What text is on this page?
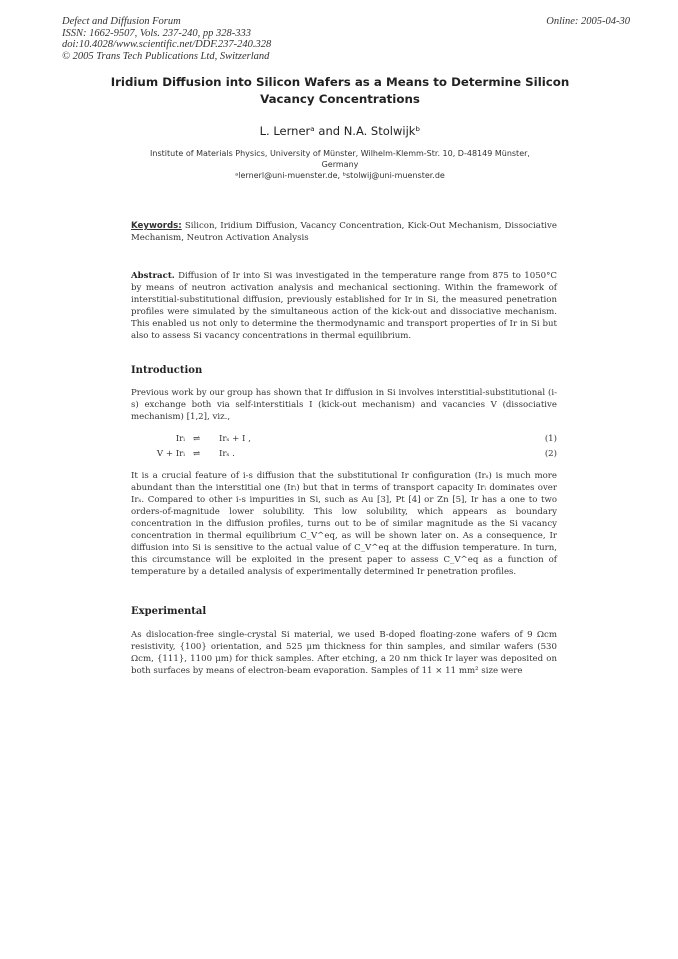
Defect and Diffusion Forum
ISSN: 1662-9507, Vols. 237-240, pp 328-333
doi:10.4028/www.scientific.net/DDF.237-240.328
© 2005 Trans Tech Publications Ltd, Switzerland
Online: 2005-04-30
Iridium Diffusion into Silicon Wafers as a Means to Determine Silicon Vacancy Concentrations
L. Lernerᵃ and N.A. Stolwijkᵇ
Institute of Materials Physics, University of Münster, Wilhelm-Klemm-Str. 10, D-48149 Münster,
Germany
ᵃlernerl@uni-muenster.de, ᵇstolwij@uni-muenster.de
Keywords: Silicon, Iridium Diffusion, Vacancy Concentration, Kick-Out Mechanism, Dissociative Mechanism, Neutron Activation Analysis
Abstract. Diffusion of Ir into Si was investigated in the temperature range from 875 to 1050°C by means of neutron activation analysis and mechanical sectioning. Within the framework of interstitial-substitutional diffusion, previously established for Ir in Si, the measured penetration profiles were simulated by the simultaneous action of the kick-out and dissociative mechanism. This enabled us not only to determine the thermodynamic and transport properties of Ir in Si but also to assess Si vacancy concentrations in thermal equilibrium.
Introduction
Previous work by our group has shown that Ir diffusion in Si involves interstitial-substitutional (i-s) exchange both via self-interstitials I (kick-out mechanism) and vacancies V (dissociative mechanism) [1,2], viz.,
Irᵢ ⇌ Irₛ + I ,	(1)
V + Irᵢ ⇌ Irₛ .	(2)
It is a crucial feature of i-s diffusion that the substitutional Ir configuration (Irₛ) is much more abundant than the interstitial one (Irᵢ) but that in terms of transport capacity Irᵢ dominates over Irₛ. Compared to other i-s impurities in Si, such as Au [3], Pt [4] or Zn [5], Ir has a one to two orders-of-magnitude lower solubility. This low solubility, which appears as boundary concentration in the diffusion profiles, turns out to be of similar magnitude as the Si vacancy concentration in thermal equilibrium C_V^eq, as will be shown later on. As a consequence, Ir diffusion into Si is sensitive to the actual value of C_V^eq at the diffusion temperature. In turn, this circumstance will be exploited in the present paper to assess C_V^eq as a function of temperature by a detailed analysis of experimentally determined Ir penetration profiles.
Experimental
As dislocation-free single-crystal Si material, we used B-doped floating-zone wafers of 9 Ωcm resistivity, {100} orientation, and 525 μm thickness for thin samples, and similar wafers (530 Ωcm, {111}, 1100 μm) for thick samples. After etching, a 20 nm thick Ir layer was deposited on both surfaces by means of electron-beam evaporation. Samples of 11 × 11 mm² size were
